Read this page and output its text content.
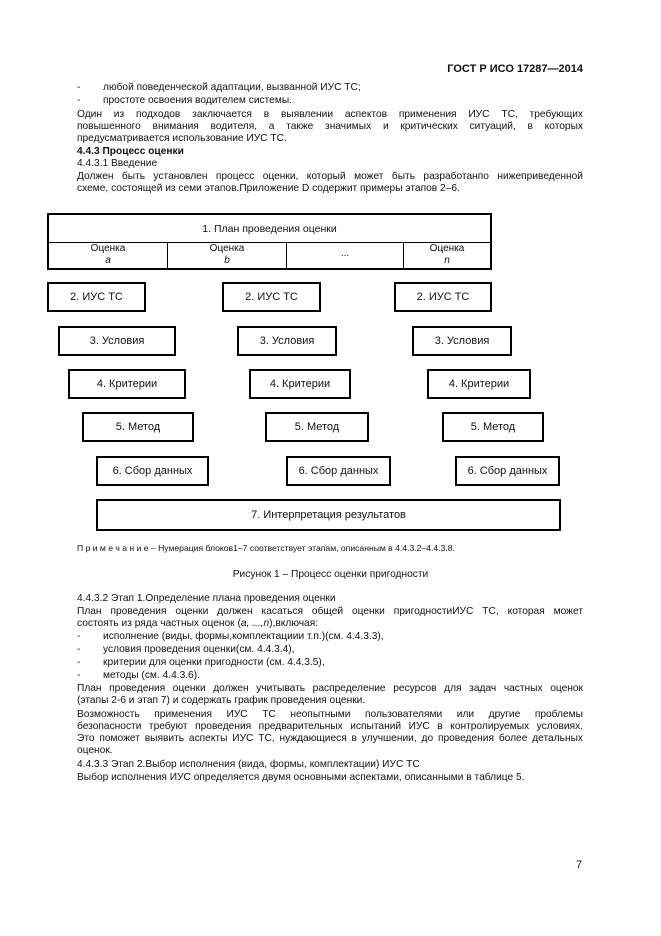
ГОСТ Р ИСО 17287—2014
- любой поведенческой адаптации, вызванной ИУС ТС;
- простоте освоения водителем системы.
Один из подходов заключается в выявлении аспектов применения ИУС ТС, требующих
повышенного внимания водителя, а также значимых и критических ситуаций, в которых
предусматривается использование ИУС ТС.
4.4.3 Процесс оценки
4.4.3.1 Введение
Должен быть установлен процесс оценки, который может быть разработанпо нижеприведенной
схеме, состоящей из семи этапов.Приложение D содержит примеры этапов 2–6.
1. План проведения оценки
Оценка
a
Оценка
b
...	Оценка
n
2. ИУС ТС
3. Условия
4. Критерии
5. Метод
6. Сбор данных
2. ИУС ТС
3. Условия
4. Критерии
5. Метод
6. Сбор данных
2. ИУС ТС
3. Условия
4. Критерии
5. Метод
6. Сбор данных
7. Интерпретация результатов
П р и м е ч а н и е – Нумерация блоков1–7 соответствует этапам, описанным в 4.4.3.2–4.4.3.8.
Рисунок 1 – Процесс оценки пригодности
4.4.3.2 Этап 1.Определение плана проведения оценки
План проведения оценки должен касаться общей оценки пригодностиИУС ТС, которая может
состоять из ряда частных оценок (a, ...,n),включая:
- исполнение (виды, формы,комплектациии т.п.)(см. 4.4.3.3),
- условия проведения оценки(см. 4.4.3.4),
- критерии для оценки пригодности (см. 4.4.3.5),
- методы (см. 4.4.3.6).
План проведения оценки должен учитывать распределение ресурсов для задач частных оценок
(этапы 2-6 и этап 7) и содержать график проведения оценки.
Возможность применения ИУС ТС неопытными пользователями или другие проблемы
безопасности требуют проведения предварительных испытаний ИУС в контролируемых условиях.
Это поможет выявить аспекты ИУС ТС, нуждающиеся в улучшении, до проведения более детальных
оценок.
4.4.3.3 Этап 2.Выбор исполнения (вида, формы, комплектации) ИУС ТС
Выбор исполнения ИУС определяется двумя основными аспектами, описанными в таблице 5.
7
